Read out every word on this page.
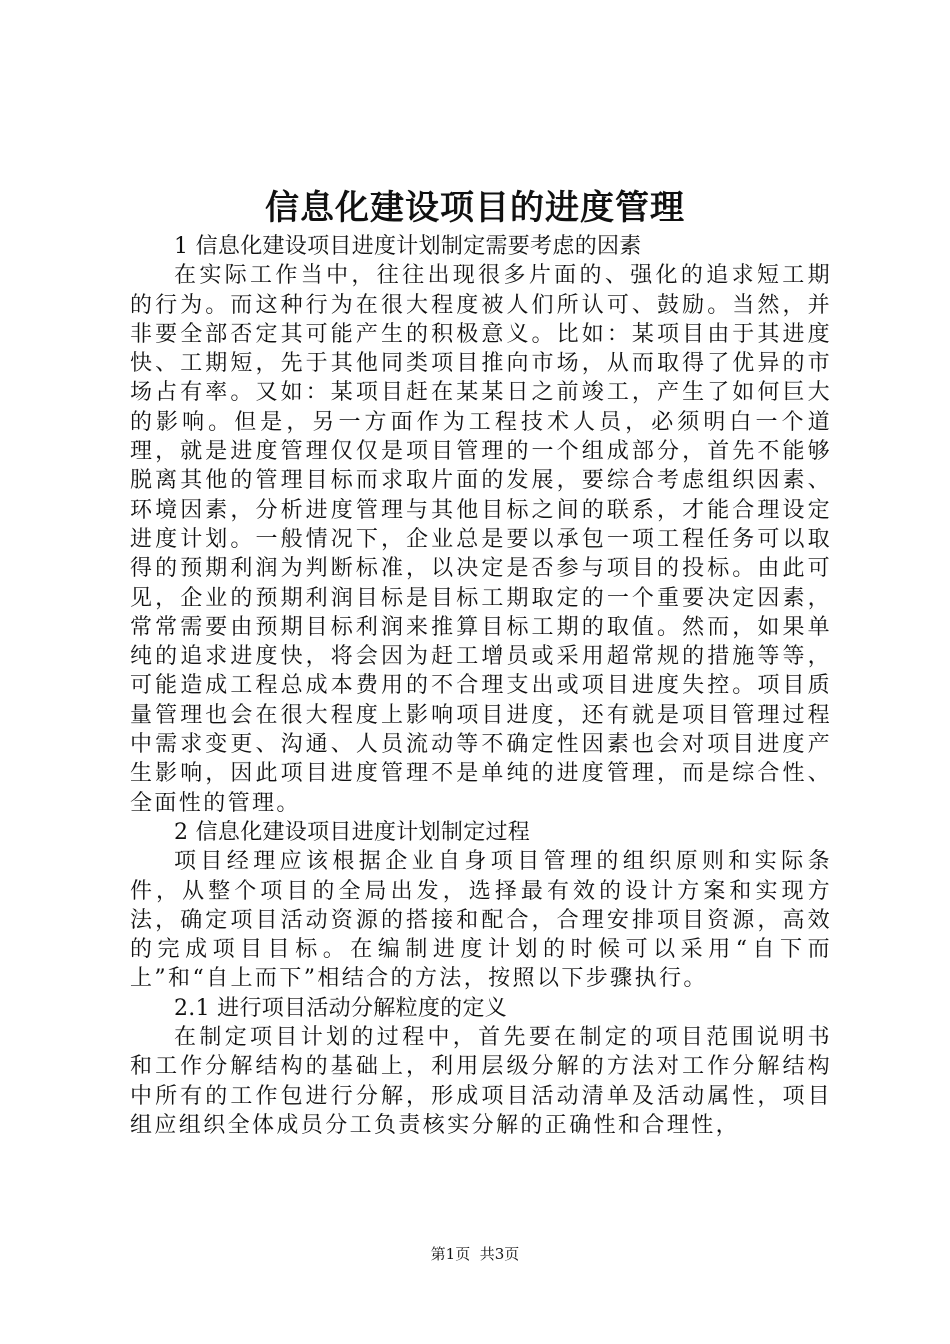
信息化建设项目的进度管理

1 信息化建设项目进度计划制定需要考虑的因素

在实际工作当中，往往出现很多片面的、强化的追求短工期的行为。而这种行为在很大程度被人们所认可、鼓励。当然，并非要全部否定其可能产生的积极意义。比如：某项目由于其进度快、工期短，先于其他同类项目推向市场，从而取得了优异的市场占有率。又如：某项目赶在某某日之前竣工，产生了如何巨大的影响。但是，另一方面作为工程技术人员，必须明白一个道理，就是进度管理仅仅是项目管理的一个组成部分，首先不能够脱离其他的管理目标而求取片面的发展，要综合考虑组织因素、环境因素，分析进度管理与其他目标之间的联系，才能合理设定进度计划。一般情况下，企业总是要以承包一项工程任务可以取得的预期利润为判断标准，以决定是否参与项目的投标。由此可见，企业的预期利润目标是目标工期取定的一个重要决定因素，常常需要由预期目标利润来推算目标工期的取值。然而，如果单纯的追求进度快，将会因为赶工增员或采用超常规的措施等等，可能造成工程总成本费用的不合理支出或项目进度失控。项目质量管理也会在很大程度上影响项目进度，还有就是项目管理过程中需求变更、沟通、人员流动等不确定性因素也会对项目进度产生影响，因此项目进度管理不是单纯的进度管理，而是综合性、全面性的管理。

2 信息化建设项目进度计划制定过程

项目经理应该根据企业自身项目管理的组织原则和实际条件，从整个项目的全局出发，选择最有效的设计方案和实现方法，确定项目活动资源的搭接和配合，合理安排项目资源，高效的完成项目目标。在编制进度计划的时候可以采用“自下而上”和“自上而下”相结合的方法，按照以下步骤执行。

2.1 进行项目活动分解粒度的定义

在制定项目计划的过程中，首先要在制定的项目范围说明书和工作分解结构的基础上，利用层级分解的方法对工作分解结构中所有的工作包进行分解，形成项目活动清单及活动属性，项目组应组织全体成员分工负责核实分解的正确性和合理性，

第1页 共3页
